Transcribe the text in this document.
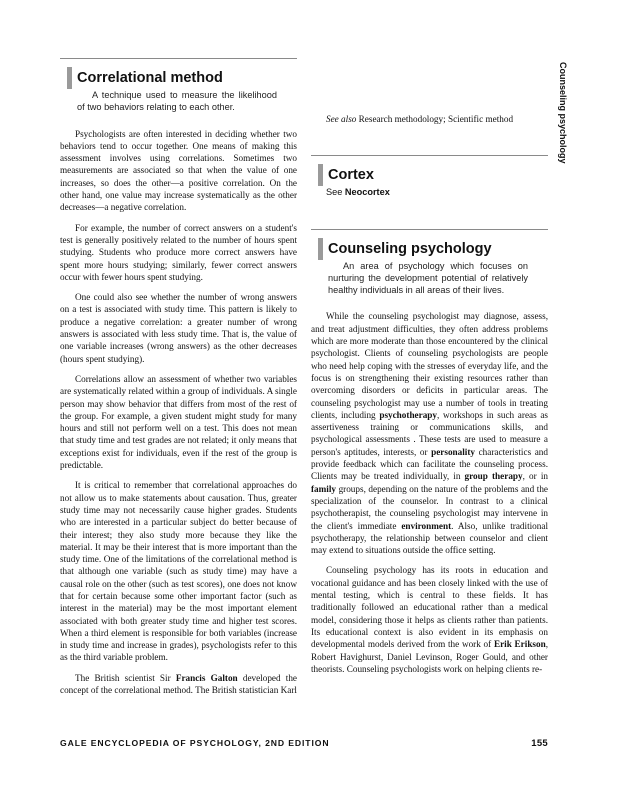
Counseling psychology
Correlational method

A technique used to measure the likelihood of two behaviors relating to each other.

Psychologists are often interested in deciding whether two behaviors tend to occur together. One means of making this assessment involves using correlations. Sometimes two measurements are associated so that when the value of one increases, so does the other—a positive correlation. On the other hand, one value may increase systematically as the other decreases—a negative correlation.

For example, the number of correct answers on a student's test is generally positively related to the number of hours spent studying. Students who produce more correct answers have spent more hours studying; similarly, fewer correct answers occur with fewer hours spent studying.

One could also see whether the number of wrong answers on a test is associated with study time. This pattern is likely to produce a negative correlation: a greater number of wrong answers is associated with less study time. That is, the value of one variable increases (wrong answers) as the other decreases (hours spent studying).

Correlations allow an assessment of whether two variables are systematically related within a group of individuals. A single person may show behavior that differs from most of the rest of the group. For example, a given student might study for many hours and still not perform well on a test. This does not mean that study time and test grades are not related; it only means that exceptions exist for individuals, even if the rest of the group is predictable.

It is critical to remember that correlational approaches do not allow us to make statements about causation. Thus, greater study time may not necessarily cause higher grades. Students who are interested in a particular subject do better because of their interest; they also study more because they like the material. It may be their interest that is more important than the study time. One of the limitations of the correlational method is that although one variable (such as study time) may have a causal role on the other (such as test scores), one does not know that for certain because some other important factor (such as interest in the material) may be the most important element associated with both greater study time and higher test scores. When a third element is responsible for both variables (increase in study time and increase in grades), psychologists refer to this as the third variable problem.

The British scientist Sir Francis Galton developed the concept of the correlational method. The British statistician Karl

See also Research methodology; Scientific method

Cortex

See Neocortex

Counseling psychology

An area of psychology which focuses on nurturing the development potential of relatively healthy individuals in all areas of their lives.

While the counseling psychologist may diagnose, assess, and treat adjustment difficulties, they often address problems which are more moderate than those encountered by the clinical psychologist. Clients of counseling psychologists are people who need help coping with the stresses of everyday life, and the focus is on strengthening their existing resources rather than overcoming disorders or deficits in particular areas. The counseling psychologist may use a number of tools in treating clients, including psychotherapy, workshops in such areas as assertiveness training or communications skills, and psychological assessments . These tests are used to measure a person's aptitudes, interests, or personality characteristics and provide feedback which can facilitate the counseling process. Clients may be treated individually, in group therapy, or in family groups, depending on the nature of the problems and the specialization of the counselor. In contrast to a clinical psychotherapist, the counseling psychologist may intervene in the client's immediate environment. Also, unlike traditional psychotherapy, the relationship between counselor and client may extend to situations outside the office setting.

Counseling psychology has its roots in education and vocational guidance and has been closely linked with the use of mental testing, which is central to these fields. It has traditionally followed an educational rather than a medical model, considering those it helps as clients rather than patients. Its educational context is also evident in its emphasis on developmental models derived from the work of Erik Erikson, Robert Havighurst, Daniel Levinson, Roger Gould, and other theorists. Counseling psychologists work on helping clients re-

GALE ENCYCLOPEDIA OF PSYCHOLOGY, 2ND EDITION	155
